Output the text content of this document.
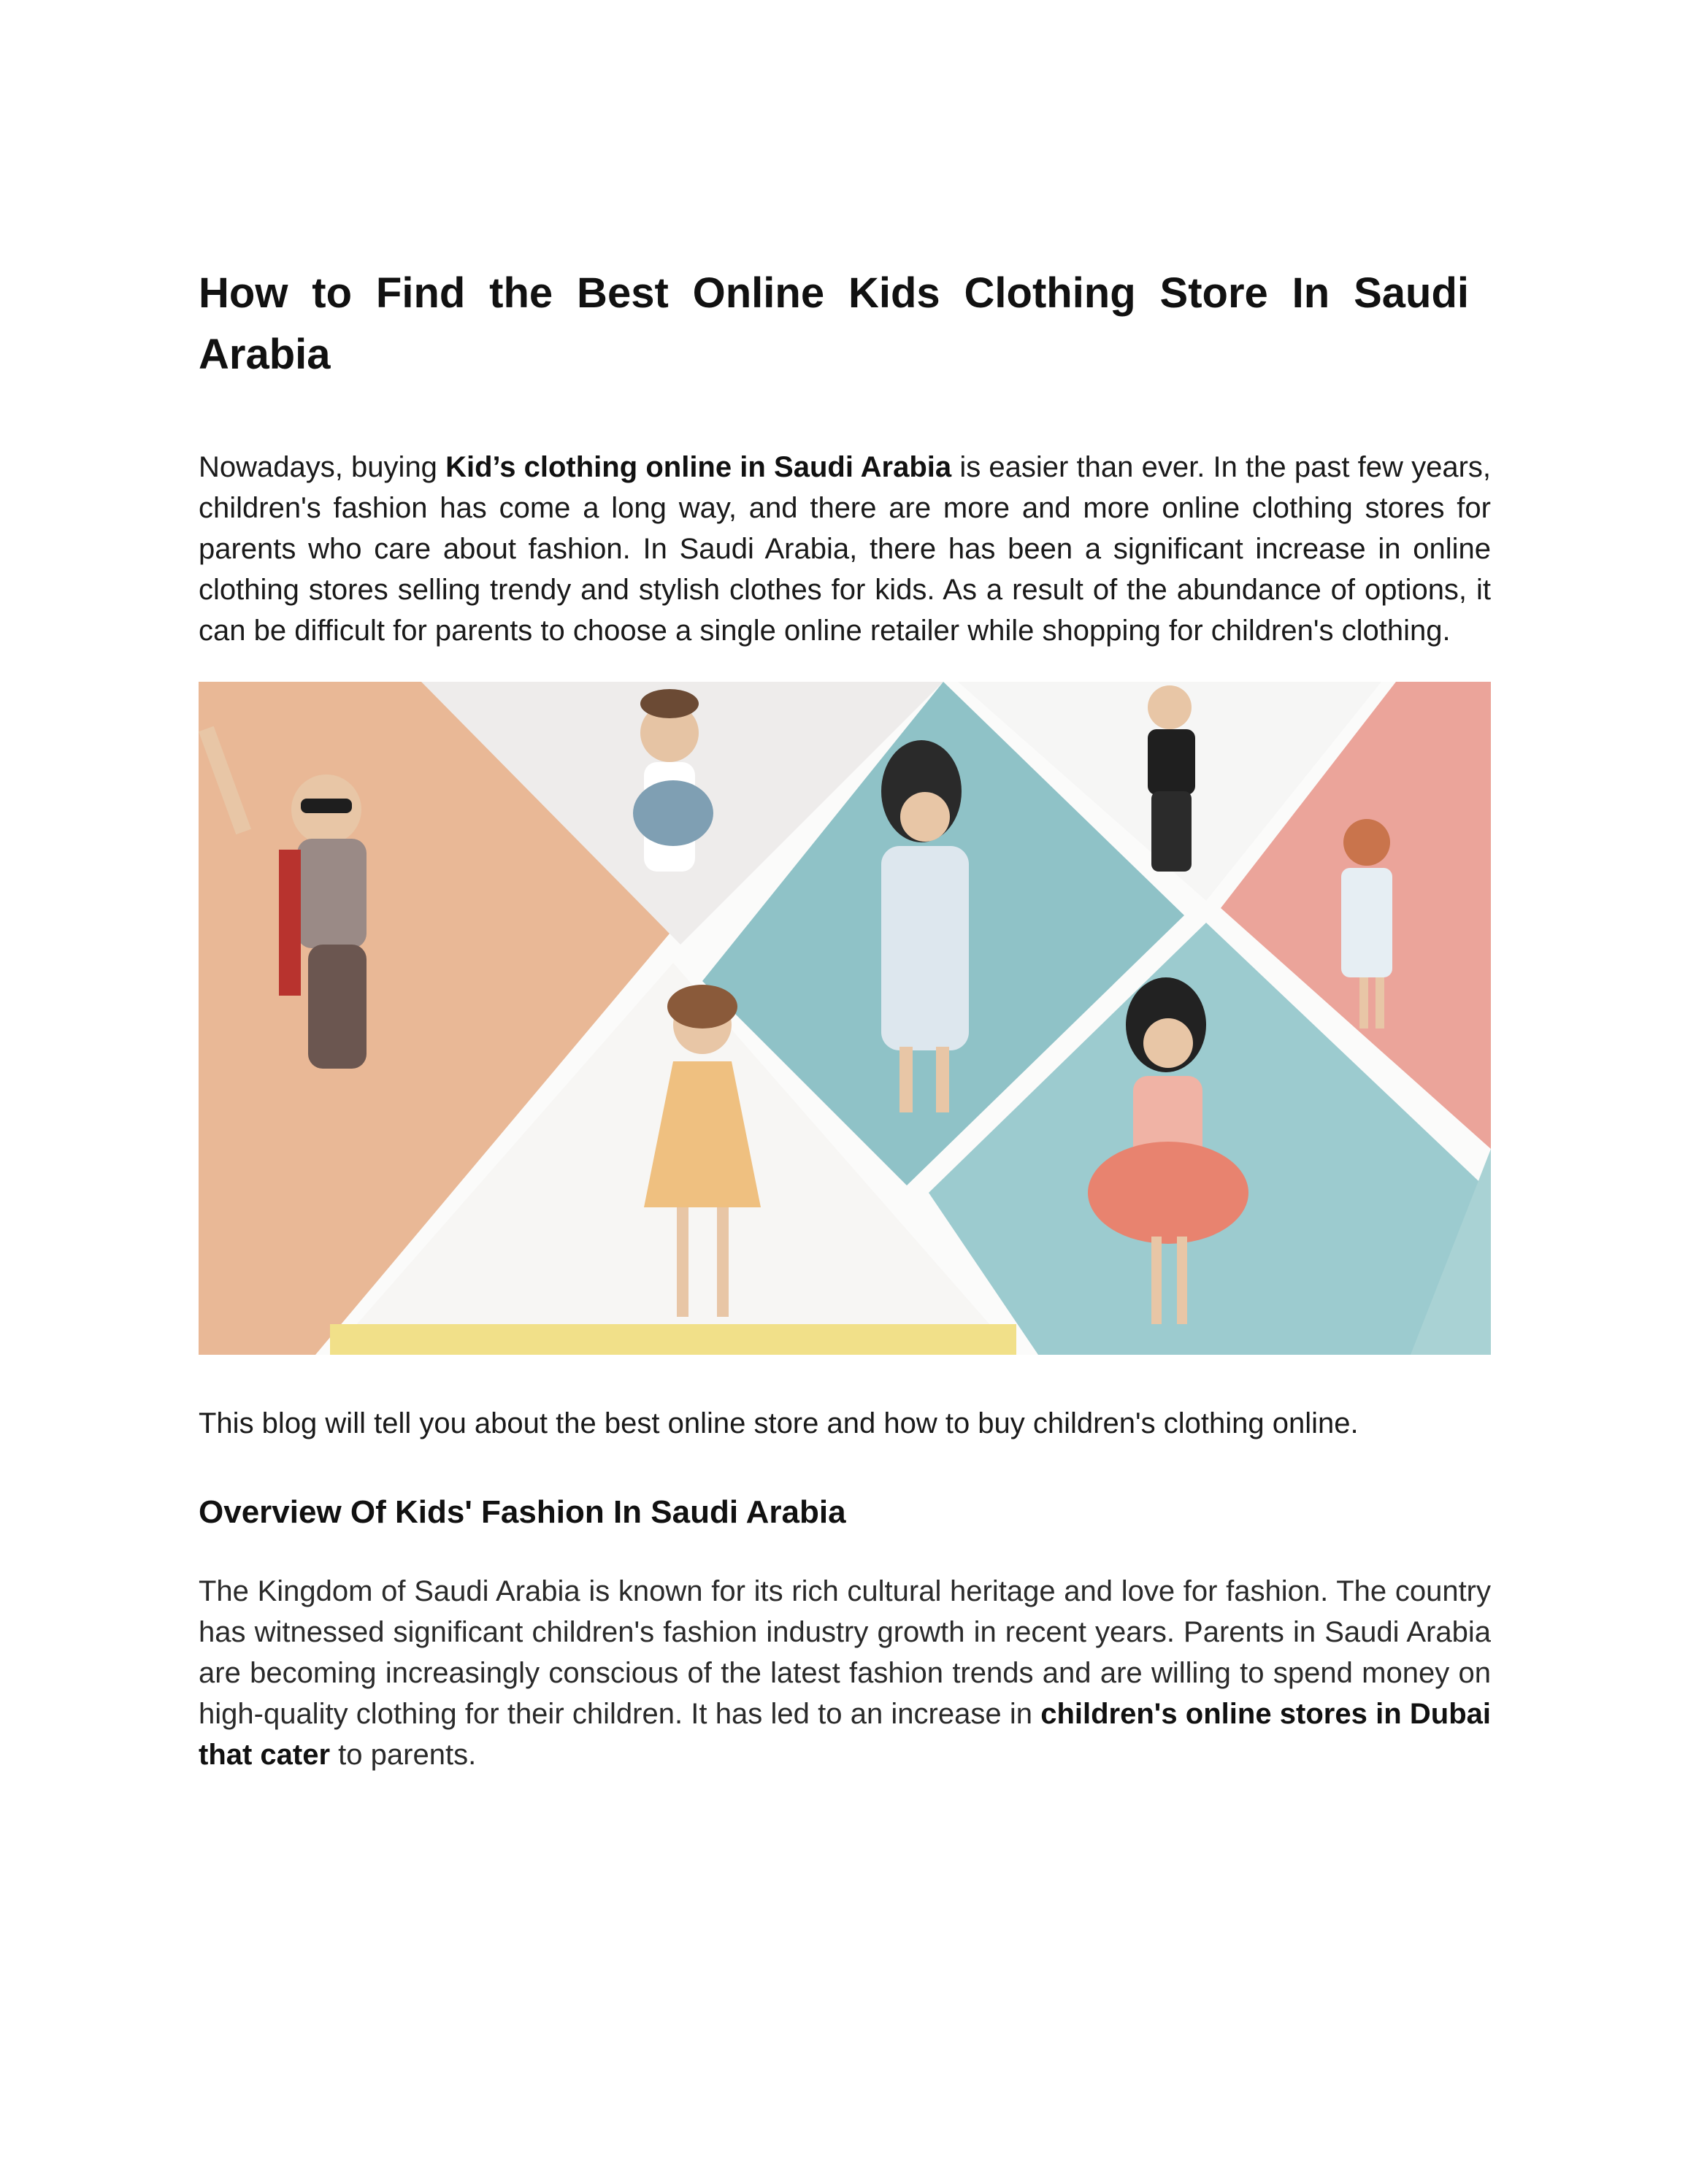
How to Find the Best Online Kids Clothing Store In Saudi Arabia

Nowadays, buying Kid’s clothing online in Saudi Arabia is easier than ever. In the past few years, children's fashion has come a long way, and there are more and more online clothing stores for parents who care about fashion. In Saudi Arabia, there has been a significant increase in online clothing stores selling trendy and stylish clothes for kids. As a result of the abundance of options, it can be difficult for parents to choose a single online retailer while shopping for children's clothing.

This blog will tell you about the best online store and how to buy children's clothing online.

Overview Of Kids' Fashion In Saudi Arabia

The Kingdom of Saudi Arabia is known for its rich cultural heritage and love for fashion. The country has witnessed significant children's fashion industry growth in recent years. Parents in Saudi Arabia are becoming increasingly conscious of the latest fashion trends and are willing to spend money on high-quality clothing for their children. It has led to an increase in children's online stores in Dubai that cater to parents.
